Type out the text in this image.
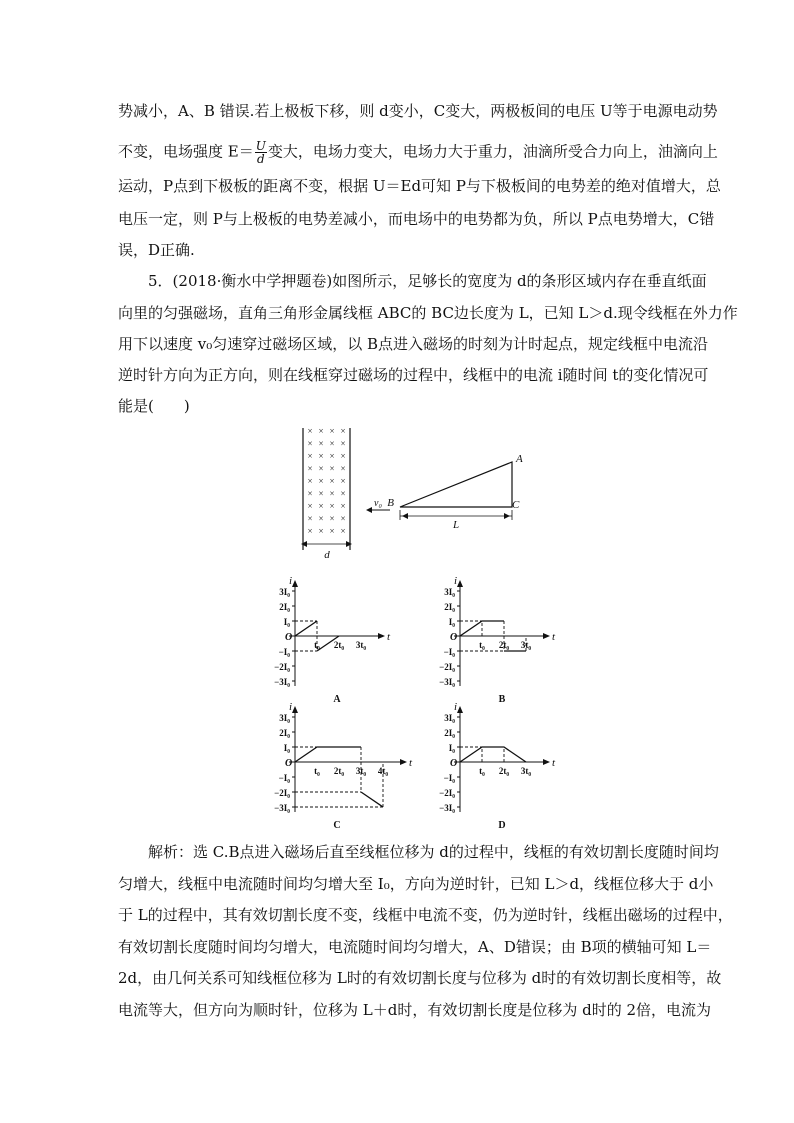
势减小，A、B 错误.若上极板下移，则 d变小，C变大，两极板间的电压 U等于电源电动势
不变，电场强度 $E= \frac{U}{d}$ 变大，电场力变大，电场力大于重力，油滴所受合力向上，油滴向上
运动，P点到下极板的距离不变，根据 U＝Ed可知 P与下极板间的电势差的绝对值增大，总
电压一定，则 P与上极板的电势差减小，而电场中的电势都为负，所以 P点电势增大，C错
误，D正确.
5．(2018·衡水中学押题卷)如图所示，足够长的宽度为 d的条形区域内存在垂直纸面
向里的匀强磁场，直角三角形金属线框 ABC的 BC边长度为 L，已知 L＞d.现令线框在外力作
用下以速度 v₀匀速穿过磁场区域，以 B点进入磁场的时刻为计时起点，规定线框中电流沿
逆时针方向为正方向，则在线框穿过磁场的过程中，线框中的电流 i随时间 t的变化情况可
能是(　　)
× × × ×
× × × ×
× × × ×
× × × ×
× × × ×
× × × ×
× × × ×
× × × ×
× × × ×
d
A
B	C
v₀
L
i
t
O
3I₀
2I₀
I₀
−I₀
−2I₀
−3I₀
t₀ 2t₀ 3t₀
A
i
t
O
3I₀
2I₀
I₀
−I₀
−2I₀
−3I₀
t₀ 2t₀ 3t₀
B
i
t
O
3I₀
2I₀
I₀
−I₀
−2I₀
−3I₀
t₀ 2t₀ 3t₀ 4t₀
C
i
t
O
3I₀
2I₀
I₀
−I₀
−2I₀
−3I₀
t₀ 2t₀ 3t₀
D
解析：选 C.B点进入磁场后直至线框位移为 d的过程中，线框的有效切割长度随时间均
匀增大，线框中电流随时间均匀增大至 I₀，方向为逆时针，已知 L＞d，线框位移大于 d小
于 L的过程中，其有效切割长度不变，线框中电流不变，仍为逆时针，线框出磁场的过程中，
有效切割长度随时间均匀增大，电流随时间均匀增大，A、D错误；由 B项的横轴可知 L＝
2d，由几何关系可知线框位移为 L时的有效切割长度与位移为 d时的有效切割长度相等，故
电流等大，但方向为顺时针，位移为 L＋d时，有效切割长度是位移为 d时的 2倍，电流为
